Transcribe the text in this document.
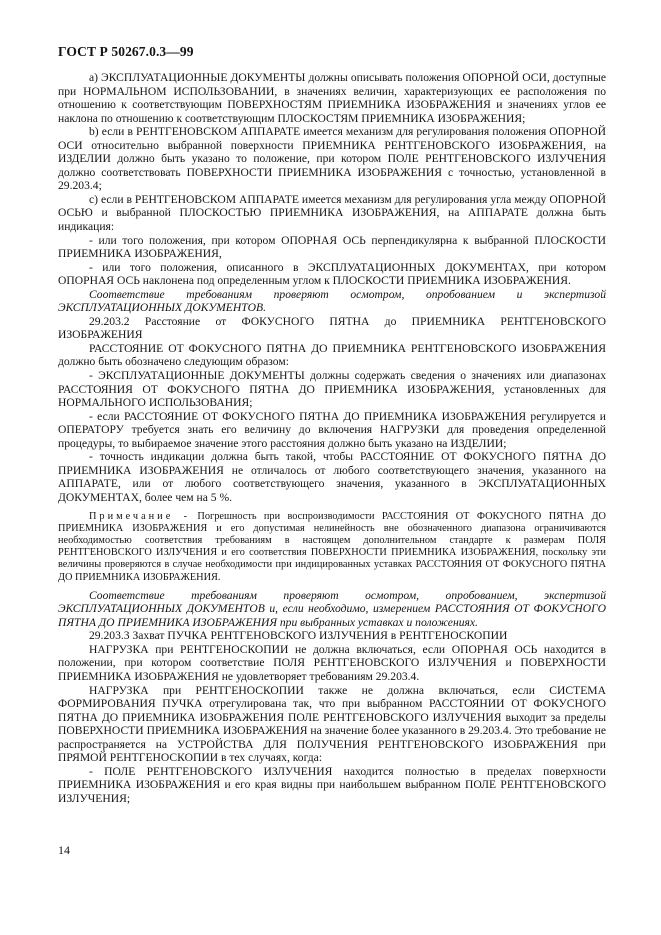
ГОСТ Р 50267.0.3—99

а) ЭКСПЛУАТАЦИОННЫЕ ДОКУМЕНТЫ должны описывать положения ОПОРНОЙ ОСИ, доступные при НОРМАЛЬНОМ ИСПОЛЬЗОВАНИИ, в значениях величин, характеризующих ее расположения по отношению к соответствующим ПОВЕРХНОСТЯМ ПРИЕМНИКА ИЗОБРАЖЕНИЯ и значениях углов ее наклона по отношению к соответствующим ПЛОСКОСТЯМ ПРИЕМНИКА ИЗОБРАЖЕНИЯ;

b) если в РЕНТГЕНОВСКОМ АППАРАТЕ имеется механизм для регулирования положения ОПОРНОЙ ОСИ относительно выбранной поверхности ПРИЕМНИКА РЕНТГЕНОВСКОГО ИЗОБРАЖЕНИЯ, на ИЗДЕЛИИ должно быть указано то положение, при котором ПОЛЕ РЕНТГЕНОВСКОГО ИЗЛУЧЕНИЯ должно соответствовать ПОВЕРХНОСТИ ПРИЕМНИКА ИЗОБРАЖЕНИЯ с точностью, установленной в 29.203.4;

с) если в РЕНТГЕНОВСКОМ АППАРАТЕ имеется механизм для регулирования угла между ОПОРНОЙ ОСЬЮ и выбранной ПЛОСКОСТЬЮ ПРИЕМНИКА ИЗОБРАЖЕНИЯ, на АППАРАТЕ должна быть индикация:

- или того положения, при котором ОПОРНАЯ ОСЬ перпендикулярна к выбранной ПЛОСКОСТИ ПРИЕМНИКА ИЗОБРАЖЕНИЯ,

- или того положения, описанного в ЭКСПЛУАТАЦИОННЫХ ДОКУМЕНТАХ, при котором ОПОРНАЯ ОСЬ наклонена под определенным углом к ПЛОСКОСТИ ПРИЕМНИКА ИЗОБРАЖЕНИЯ.

Соответствие требованиям проверяют осмотром, опробованием и экспертизой ЭКСПЛУАТАЦИОННЫХ ДОКУМЕНТОВ.

29.203.2 Расстояние от ФОКУСНОГО ПЯТНА до ПРИЕМНИКА РЕНТГЕНОВСКОГО ИЗОБРАЖЕНИЯ

РАССТОЯНИЕ ОТ ФОКУСНОГО ПЯТНА ДО ПРИЕМНИКА РЕНТГЕНОВСКОГО ИЗОБРАЖЕНИЯ должно быть обозначено следующим образом:

- ЭКСПЛУАТАЦИОННЫЕ ДОКУМЕНТЫ должны содержать сведения о значениях или диапазонах РАССТОЯНИЯ ОТ ФОКУСНОГО ПЯТНА ДО ПРИЕМНИКА ИЗОБРАЖЕНИЯ, установленных для НОРМАЛЬНОГО ИСПОЛЬЗОВАНИЯ;

- если РАССТОЯНИЕ ОТ ФОКУСНОГО ПЯТНА ДО ПРИЕМНИКА ИЗОБРАЖЕНИЯ регулируется и ОПЕРАТОРУ требуется знать его величину до включения НАГРУЗКИ для проведения определенной процедуры, то выбираемое значение этого расстояния должно быть указано на ИЗДЕЛИИ;

- точность индикации должна быть такой, чтобы РАССТОЯНИЕ ОТ ФОКУСНОГО ПЯТНА ДО ПРИЕМНИКА ИЗОБРАЖЕНИЯ не отличалось от любого соответствующего значения, указанного на АППАРАТЕ, или от любого соответствующего значения, указанного в ЭКСПЛУАТАЦИОННЫХ ДОКУМЕНТАХ, более чем на 5 %.

Примечание - Погрешность при воспроизводимости РАССТОЯНИЯ ОТ ФОКУСНОГО ПЯТНА ДО ПРИЕМНИКА ИЗОБРАЖЕНИЯ и его допустимая нелинейность вне обозначенного диапазона ограничиваются необходимостью соответствия требованиям в настоящем дополнительном стандарте к размерам ПОЛЯ РЕНТГЕНОВСКОГО ИЗЛУЧЕНИЯ и его соответствия ПОВЕРХНОСТИ ПРИЕМНИКА ИЗОБРАЖЕНИЯ, поскольку эти величины проверяются в случае необходимости при индицированных уставках РАССТОЯНИЯ ОТ ФОКУСНОГО ПЯТНА ДО ПРИЕМНИКА ИЗОБРАЖЕНИЯ.

Соответствие требованиям проверяют осмотром, опробованием, экспертизой ЭКСПЛУАТАЦИОННЫХ ДОКУМЕНТОВ и, если необходимо, измерением РАССТОЯНИЯ ОТ ФОКУСНОГО ПЯТНА ДО ПРИЕМНИКА ИЗОБРАЖЕНИЯ при выбранных уставках и положениях.

29.203.3 Захват ПУЧКА РЕНТГЕНОВСКОГО ИЗЛУЧЕНИЯ в РЕНТГЕНОСКОПИИ

НАГРУЗКА при РЕНТГЕНОСКОПИИ не должна включаться, если ОПОРНАЯ ОСЬ находится в положении, при котором соответствие ПОЛЯ РЕНТГЕНОВСКОГО ИЗЛУЧЕНИЯ и ПОВЕРХНОСТИ ПРИЕМНИКА ИЗОБРАЖЕНИЯ не удовлетворяет требованиям 29.203.4.

НАГРУЗКА при РЕНТГЕНОСКОПИИ также не должна включаться, если СИСТЕМА ФОРМИРОВАНИЯ ПУЧКА отрегулирована так, что при выбранном РАССТОЯНИИ ОТ ФОКУСНОГО ПЯТНА ДО ПРИЕМНИКА ИЗОБРАЖЕНИЯ ПОЛЕ РЕНТГЕНОВСКОГО ИЗЛУЧЕНИЯ выходит за пределы ПОВЕРХНОСТИ ПРИЕМНИКА ИЗОБРАЖЕНИЯ на значение более указанного в 29.203.4. Это требование не распространяется на УСТРОЙСТВА ДЛЯ ПОЛУЧЕНИЯ РЕНТГЕНОВСКОГО ИЗОБРАЖЕНИЯ при ПРЯМОЙ РЕНТГЕНОСКОПИИ в тех случаях, когда:

- ПОЛЕ РЕНТГЕНОВСКОГО ИЗЛУЧЕНИЯ находится полностью в пределах поверхности ПРИЕМНИКА ИЗОБРАЖЕНИЯ и его края видны при наибольшем выбранном ПОЛЕ РЕНТГЕНОВСКОГО ИЗЛУЧЕНИЯ;

14
